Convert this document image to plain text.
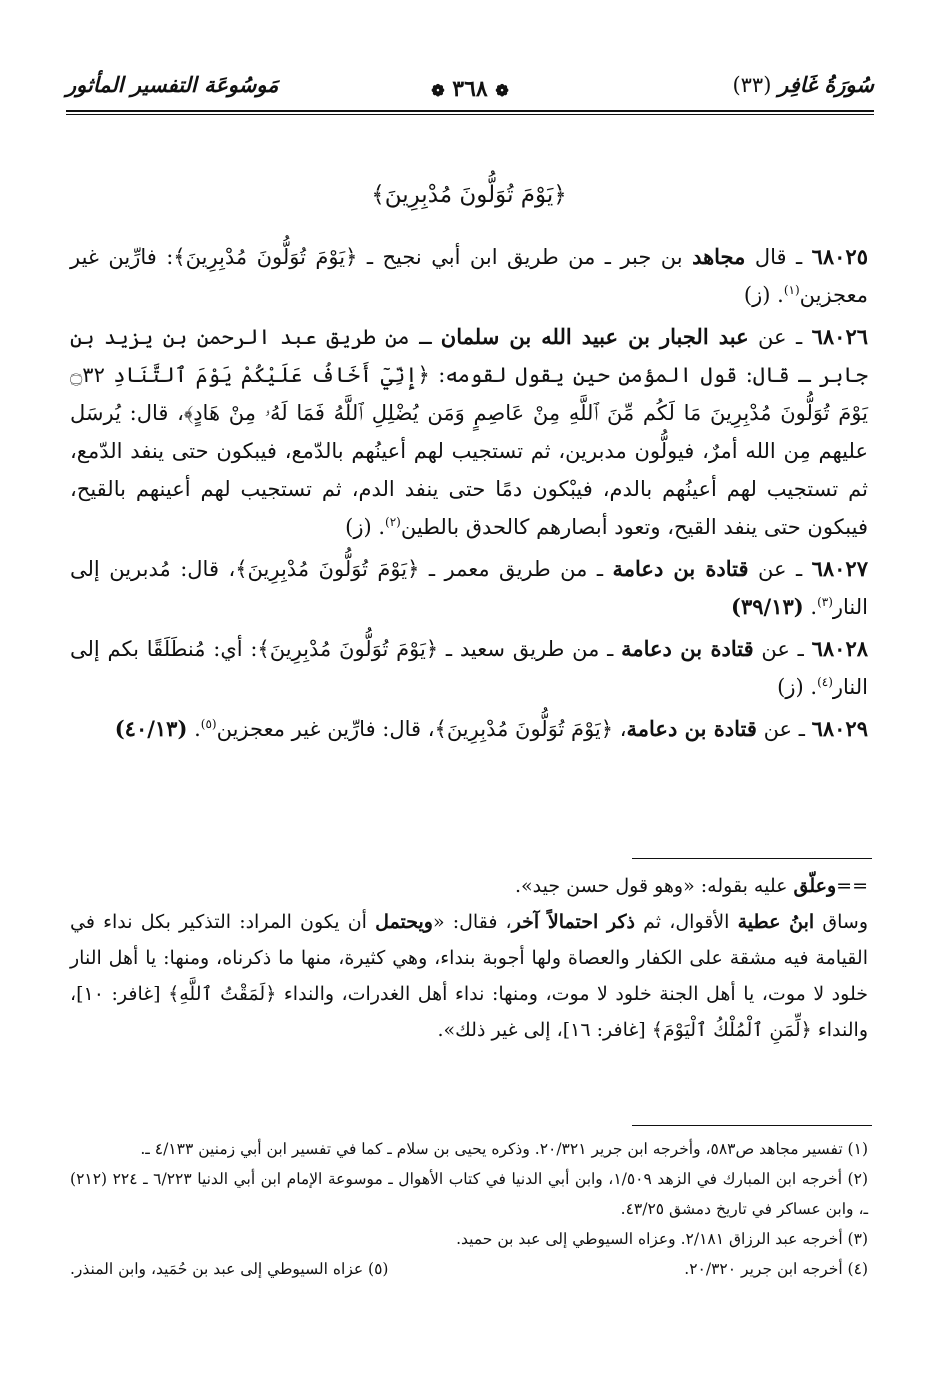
مَوسُوعَة التفسير المأثور	❁ ٣٦٨ ❁	سُورَةُ غَافِر (٣٣)
﴿يَوْمَ تُوَلُّونَ مُدْبِرِينَ﴾

٦٨٠٢٥ ـ قال مجاهد بن جبر ـ من طريق ابن أبي نجيح ـ ﴿يَوْمَ تُوَلُّونَ مُدْبِرِينَ﴾: فارِّين غير معجزين$^{(١)}$. (ز)

٦٨٠٢٦ ـ عن عبد الجبار بن عبيد الله بن سلمان ـ من طريق عبد الرحمن بن يزيد بن جابر ـ قال: قول المؤمن حين يقول لقومه: ﴿إِنِّيٓ أَخَافُ عَلَيْكُمْ يَوْمَ ٱلتَّنَادِ ۝٣٢ يَوْمَ تُوَلُّونَ مُدْبِرِينَ مَا لَكُم مِّنَ ٱللَّهِ مِنْ عَاصِمٍ وَمَن يُضْلِلِ ٱللَّهُ فَمَا لَهُۥ مِنْ هَادٍ﴾، قال: يُرسَل عليهم مِن الله أمرٌ، فيولُّون مدبرين، ثم تستجيب لهم أعينُهم بالدّمع، فيبكون حتى ينفد الدّمع، ثم تستجيب لهم أعينُهم بالدم، فيبْكون دمًا حتى ينفد الدم، ثم تستجيب لهم أعينهم بالقيح، فيبكون حتى ينفد القيح، وتعود أبصارهم كالحدق بالطين$^{(٢)}$. (ز)

٦٨٠٢٧ ـ عن قتادة بن دعامة ـ من طريق معمر ـ ﴿يَوْمَ تُوَلُّونَ مُدْبِرِينَ﴾، قال: مُدبرين إلى النار$^{(٣)}$. (٣٩/١٣)

٦٨٠٢٨ ـ عن قتادة بن دعامة ـ من طريق سعيد ـ ﴿يَوْمَ تُوَلُّونَ مُدْبِرِينَ﴾: أي: مُنطَلَقًا بكم إلى النار$^{(٤)}$. (ز)

٦٨٠٢٩ ـ عن قتادة بن دعامة، ﴿يَوْمَ تُوَلُّونَ مُدْبِرِينَ﴾، قال: فارِّين غير معجزين$^{(٥)}$. (٤٠/١٣)

==وعلّق عليه بقوله: «وهو قول حسن جيد».

وساق ابنُ عطية الأقوال، ثم ذكر احتمالاً آخر، فقال: «ويحتمل أن يكون المراد: التذكير بكل نداء في القيامة فيه مشقة على الكفار والعصاة ولها أجوبة بنداء، وهي كثيرة، منها ما ذكرناه، ومنها: يا أهل النار خلود لا موت، يا أهل الجنة خلود لا موت، ومنها: نداء أهل الغدرات، والنداء ﴿لَمَقْتُ ٱللَّهِ﴾ [غافر: ١٠]، والنداء ﴿لِّمَنِ ٱلْمُلْكُ ٱلْيَوْمَ﴾ [غافر: ١٦]، إلى غير ذلك».

(١) تفسير مجاهد ص٥٨٣، وأخرجه ابن جرير ٢٠/٣٢١. وذكره يحيى بن سلام ـ كما في تفسير ابن أبي زمنين ٤/١٣٣ ـ.

(٢) أخرجه ابن المبارك في الزهد ١/٥٠٩، وابن أبي الدنيا في كتاب الأهوال ـ موسوعة الإمام ابن أبي الدنيا ٦/٢٢٣ ـ ٢٢٤ (٢١٢) ـ، وابن عساكر في تاريخ دمشق ٤٣/٢٥.

(٣) أخرجه عبد الرزاق ٢/١٨١. وعزاه السيوطي إلى عبد بن حميد.

(٤) أخرجه ابن جرير ٢٠/٣٢٠.
(٥) عزاه السيوطي إلى عبد بن حُمَيد، وابن المنذر.
